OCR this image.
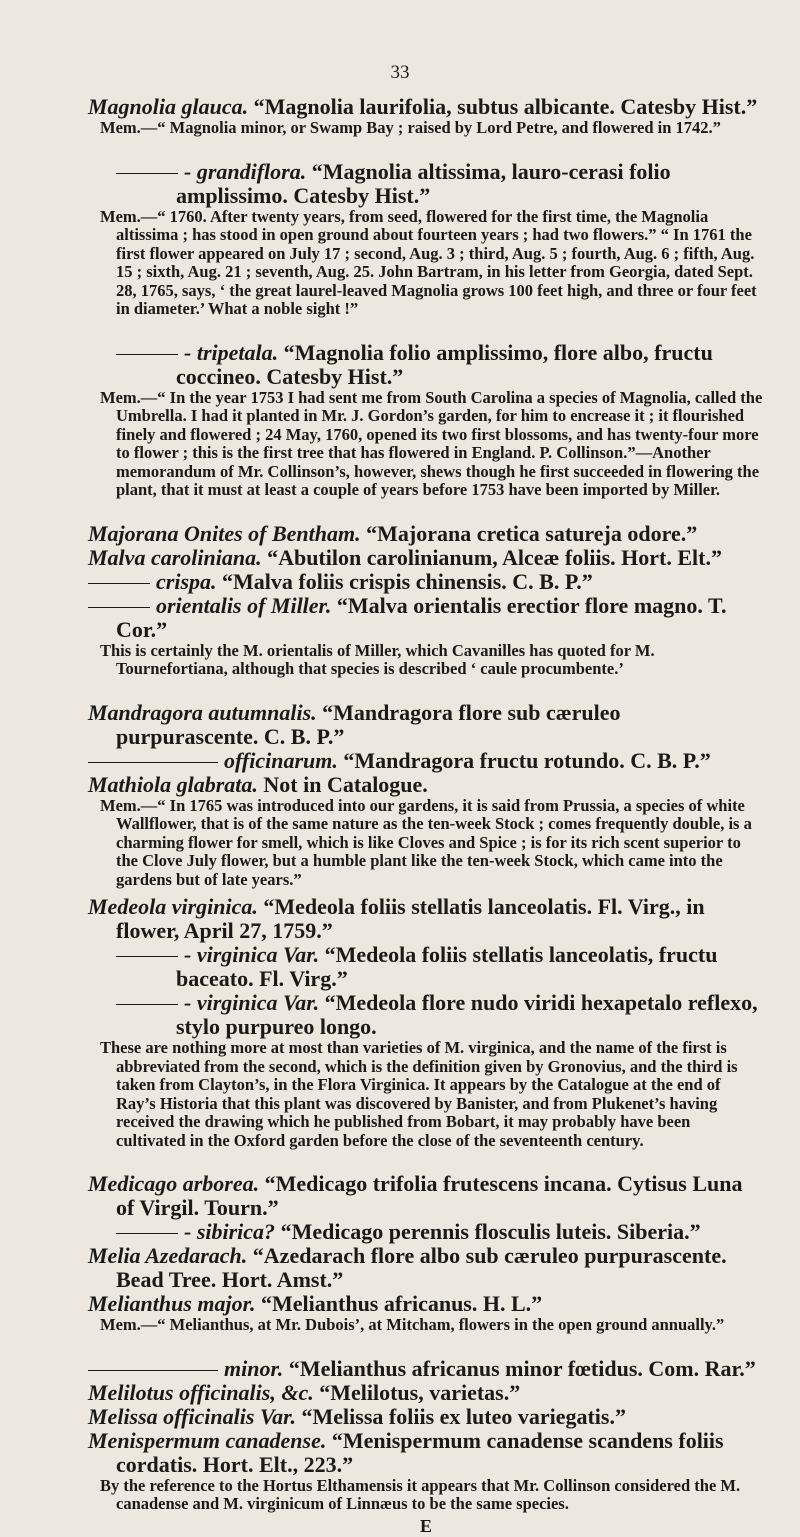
33
Magnolia glauca. “Magnolia laurifolia, subtus albicante. Catesby Hist.”
Mem.—“ Magnolia minor, or Swamp Bay ; raised by Lord Petre, and flowered in 1742.”
- grandiflora. “Magnolia altissima, lauro-cerasi folio amplissimo. Catesby Hist.”
Mem.—“ 1760. After twenty years, from seed, flowered for the first time, the Magnolia altissima ; has stood in open ground about fourteen years ; had two flowers.” “ In 1761 the first flower appeared on July 17 ; second, Aug. 3 ; third, Aug. 5 ; fourth, Aug. 6 ; fifth, Aug. 15 ; sixth, Aug. 21 ; seventh, Aug. 25. John Bartram, in his letter from Georgia, dated Sept. 28, 1765, says, ‘ the great laurel-leaved Magnolia grows 100 feet high, and three or four feet in diameter.’ What a noble sight !”
- tripetala. “Magnolia folio amplissimo, flore albo, fructu coccineo. Catesby Hist.”
Mem.—“ In the year 1753 I had sent me from South Carolina a species of Magnolia, called the Umbrella. I had it planted in Mr. J. Gordon’s garden, for him to encrease it ; it flourished finely and flowered ; 24 May, 1760, opened its two first blossoms, and has twenty-four more to flower ; this is the first tree that has flowered in England. P. Collinson.”—Another memorandum of Mr. Collinson’s, however, shews though he first succeeded in flowering the plant, that it must at least a couple of years before 1753 have been imported by Miller.
Majorana Onites of Bentham. “Majorana cretica satureja odore.”
Malva caroliniana. “Abutilon carolinianum, Alceæ foliis. Hort. Elt.”
crispa. “Malva foliis crispis chinensis. C. B. P.”
orientalis of Miller. “Malva orientalis erectior flore magno. T. Cor.”
This is certainly the M. orientalis of Miller, which Cavanilles has quoted for M. Tournefortiana, although that species is described ‘ caule procumbente.’
Mandragora autumnalis. “Mandragora flore sub cæruleo purpurascente. C. B. P.”
officinarum. “Mandragora fructu rotundo. C. B. P.”
Mathiola glabrata. Not in Catalogue.
Mem.—“ In 1765 was introduced into our gardens, it is said from Prussia, a species of white Wallflower, that is of the same nature as the ten-week Stock ; comes frequently double, is a charming flower for smell, which is like Cloves and Spice ; is for its rich scent superior to the Clove July flower, but a humble plant like the ten-week Stock, which came into the gardens but of late years.”
Medeola virginica. “Medeola foliis stellatis lanceolatis. Fl. Virg., in flower, April 27, 1759.”
- virginica Var. “Medeola foliis stellatis lanceolatis, fructu baceato. Fl. Virg.”
- virginica Var. “Medeola flore nudo viridi hexapetalo reflexo, stylo purpureo longo.
These are nothing more at most than varieties of M. virginica, and the name of the first is abbreviated from the second, which is the definition given by Gronovius, and the third is taken from Clayton’s, in the Flora Virginica. It appears by the Catalogue at the end of Ray’s Historia that this plant was discovered by Banister, and from Plukenet’s having received the drawing which he published from Bobart, it may probably have been cultivated in the Oxford garden before the close of the seventeenth century.
Medicago arborea. “Medicago trifolia frutescens incana. Cytisus Luna of Virgil. Tourn.”
- sibirica? “Medicago perennis flosculis luteis. Siberia.”
Melia Azedarach. “Azedarach flore albo sub cæruleo purpurascente. Bead Tree. Hort. Amst.”
Melianthus major. “Melianthus africanus. H. L.”
Mem.—“ Melianthus, at Mr. Dubois’, at Mitcham, flowers in the open ground annually.”
minor. “Melianthus africanus minor fœtidus. Com. Rar.”
Melilotus officinalis, &c. “Melilotus, varietas.”
Melissa officinalis Var. “Melissa foliis ex luteo variegatis.”
Menispermum canadense. “Menispermum canadense scandens foliis cordatis. Hort. Elt., 223.”
By the reference to the Hortus Elthamensis it appears that Mr. Collinson considered the M. canadense and M. virginicum of Linnæus to be the same species.
E
